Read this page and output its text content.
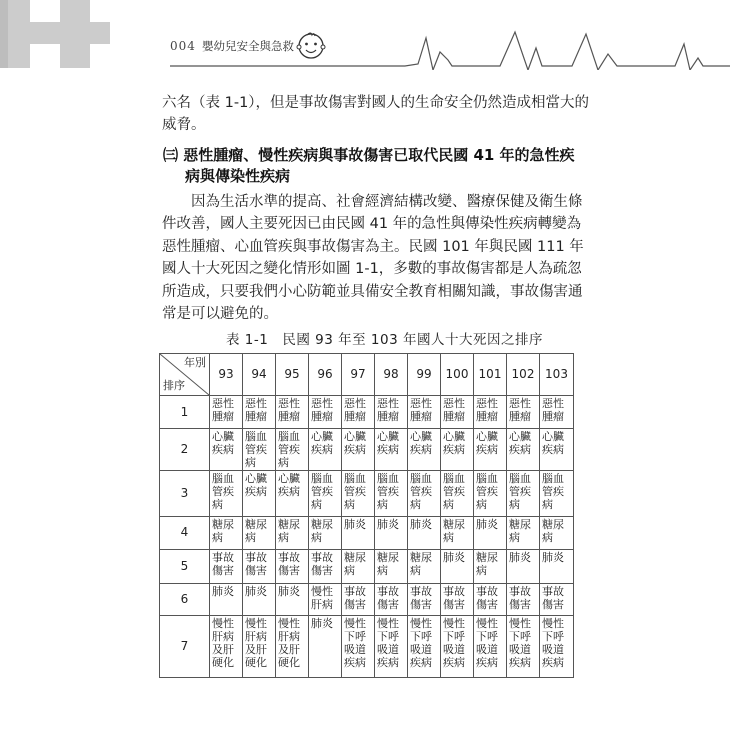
004 嬰幼兒安全與急救

六名（表 1-1），但是事故傷害對國人的生命安全仍然造成相當大的威脅。

㈢ 惡性腫瘤、慢性疾病與事故傷害已取代民國 41 年的急性疾
病與傳染性疾病

因為生活水準的提高、社會經濟結構改變、醫療保健及衛生條件改善，國人主要死因已由民國 41 年的急性與傳染性疾病轉變為惡性腫瘤、心血管疾與事故傷害為主。民國 101 年與民國 111 年國人十大死因之變化情形如圖 1-1，多數的事故傷害都是人為疏忽所造成，只要我們小心防範並具備安全教育相關知識，事故傷害通常是可以避免的。

表 1-1　民國 93 年至 103 年國人十大死因之排序
年別
排序	93	94	95	96	97	98	99	100	101	102	103
1	惡性腫瘤	惡性腫瘤	惡性腫瘤	惡性腫瘤	惡性腫瘤	惡性腫瘤	惡性腫瘤	惡性腫瘤	惡性腫瘤	惡性腫瘤	惡性腫瘤

2	心臟疾病	腦血管疾病	腦血管疾病	心臟疾病	心臟疾病	心臟疾病	心臟疾病	心臟疾病	心臟疾病	心臟疾病	心臟疾病

3	腦血管疾病	心臟疾病	心臟疾病	腦血管疾病	腦血管疾病	腦血管疾病	腦血管疾病	腦血管疾病	腦血管疾病	腦血管疾病	腦血管疾病

4	糖尿病	糖尿病	糖尿病	糖尿病	肺炎	肺炎	肺炎	糖尿病	肺炎	糖尿病	糖尿病

5	事故傷害	事故傷害	事故傷害	事故傷害	糖尿病	糖尿病	糖尿病	肺炎	糖尿病	肺炎	肺炎

6	肺炎	肺炎	肺炎	慢性肝病	事故傷害	事故傷害	事故傷害	事故傷害	事故傷害	事故傷害	事故傷害

7	慢性肝病及肝硬化	慢性肝病及肝硬化	慢性肝病及肝硬化	肺炎	慢性下呼吸道疾病	慢性下呼吸道疾病	慢性下呼吸道疾病	慢性下呼吸道疾病	慢性下呼吸道疾病	慢性下呼吸道疾病	慢性下呼吸道疾病
